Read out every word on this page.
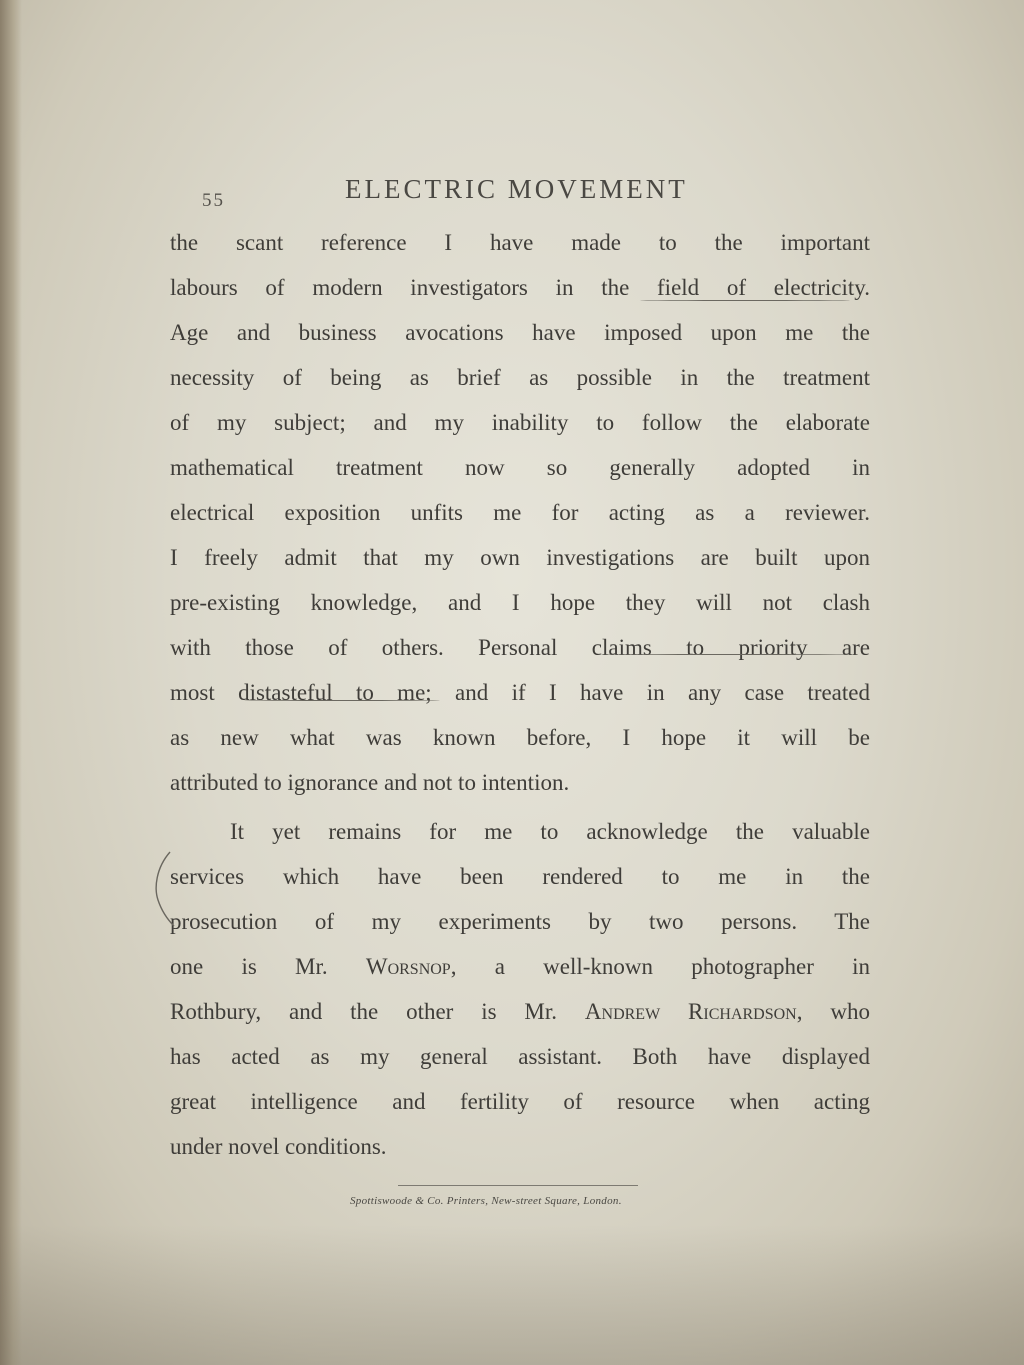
55	ELECTRIC MOVEMENT
the scant reference I have made to the important
labours of modern investigators in the field of electricity.
Age and business avocations have imposed upon me the
necessity of being as brief as possible in the treatment
of my subject; and my inability to follow the elaborate
mathematical treatment now so generally adopted in
electrical exposition unfits me for acting as a reviewer.
I freely admit that my own investigations are built upon
pre-existing knowledge, and I hope they will not clash
with those of others. Personal claims to priority are
most distasteful to me; and if I have in any case treated
as new what was known before, I hope it will be
attributed to ignorance and not to intention.
It yet remains for me to acknowledge the valuable
services which have been rendered to me in the
prosecution of my experiments by two persons. The
one is Mr. Worsnop, a well-known photographer in
Rothbury, and the other is Mr. Andrew Richardson, who
has acted as my general assistant. Both have displayed
great intelligence and fertility of resource when acting
under novel conditions.
Spottiswoode & Co. Printers, New-street Square, London.
